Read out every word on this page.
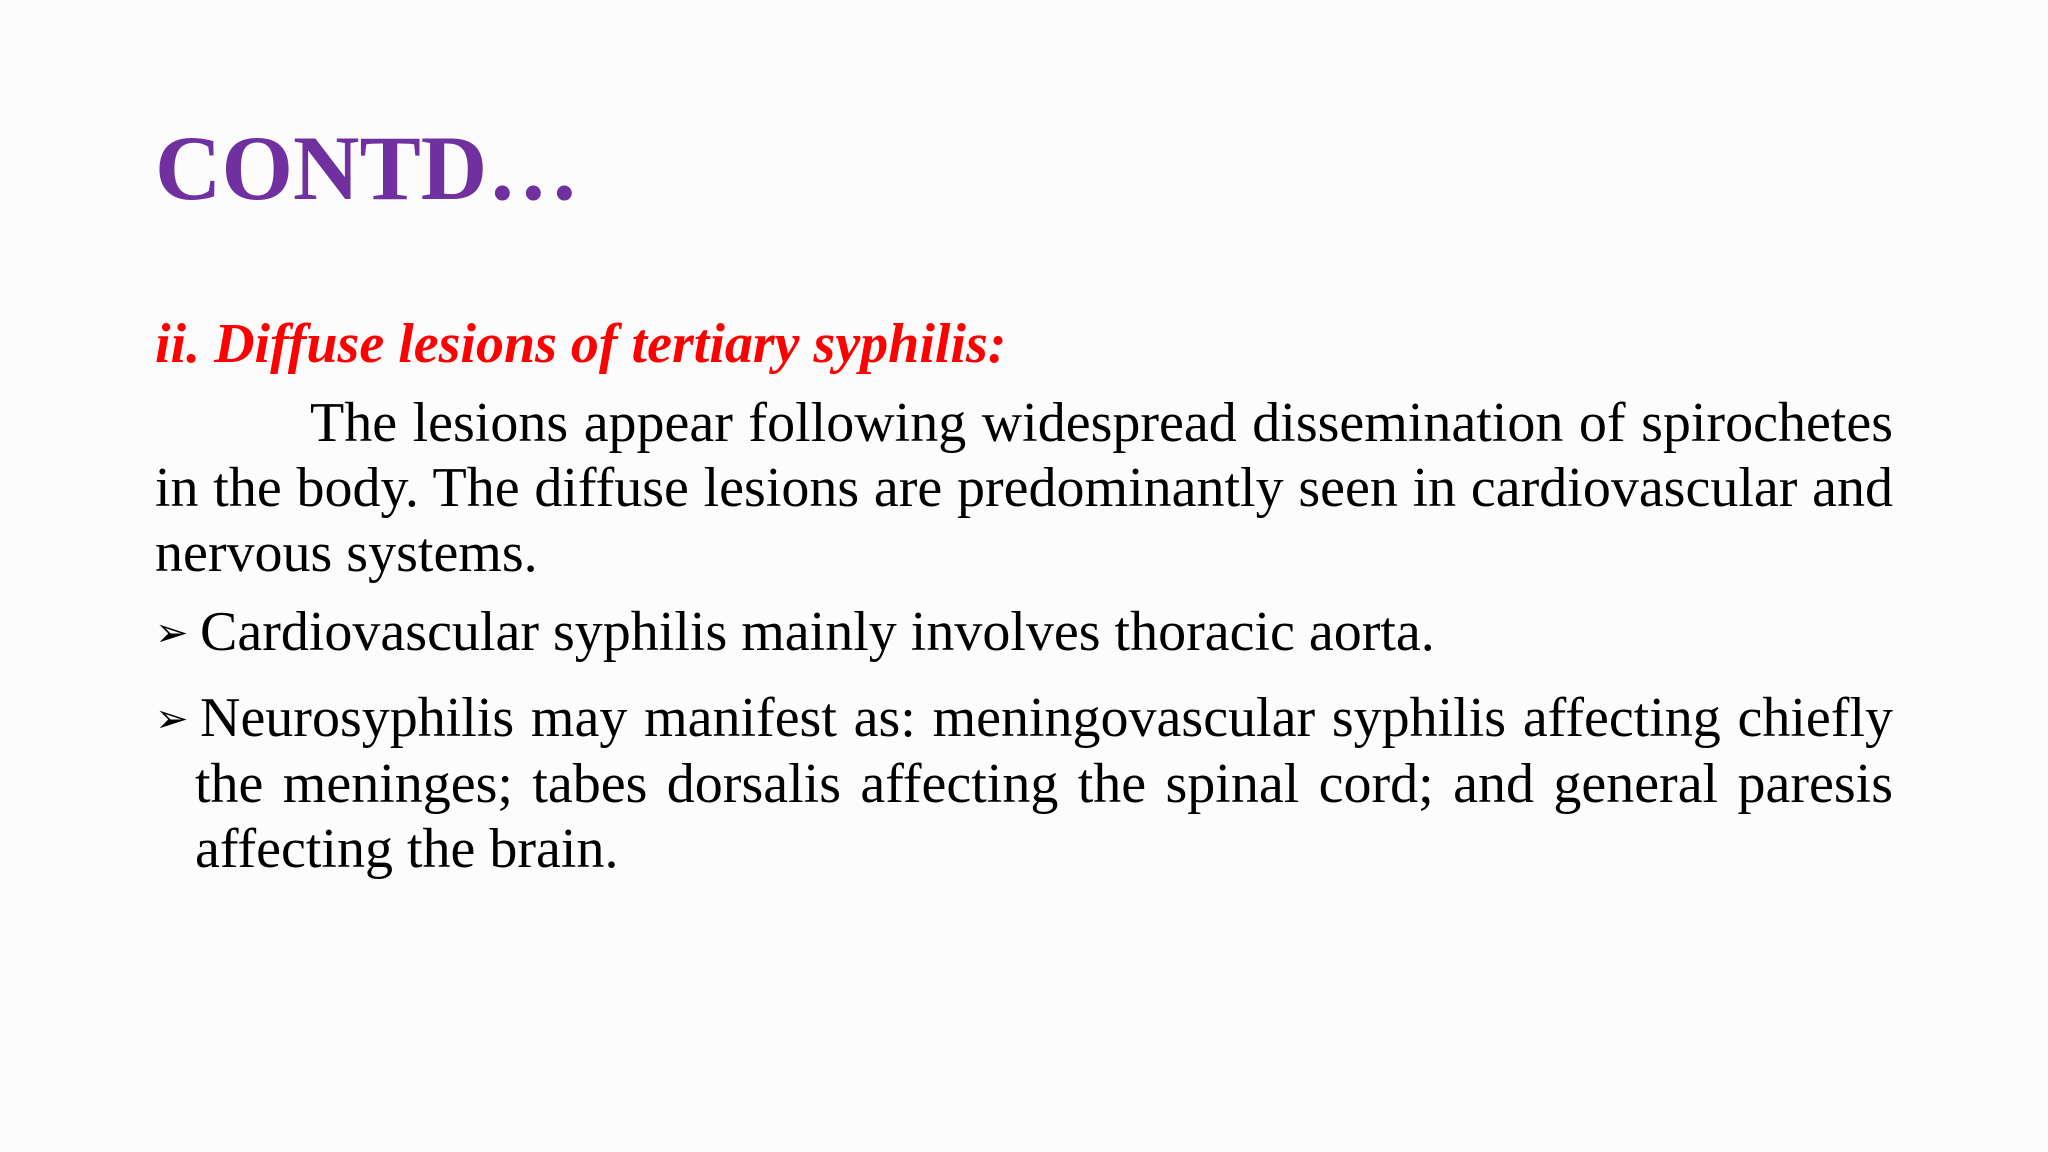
CONTD…

ii. Diffuse lesions of tertiary syphilis:

The lesions appear following widespread dissemination of spirochetes in the body. The diffuse lesions are predominantly seen in cardiovascular and nervous systems.

➢ Cardiovascular syphilis mainly involves thoracic aorta.
➢ Neurosyphilis may manifest as: meningovascular syphilis affecting chiefly the meninges; tabes dorsalis affecting the spinal cord; and general paresis affecting the brain.
